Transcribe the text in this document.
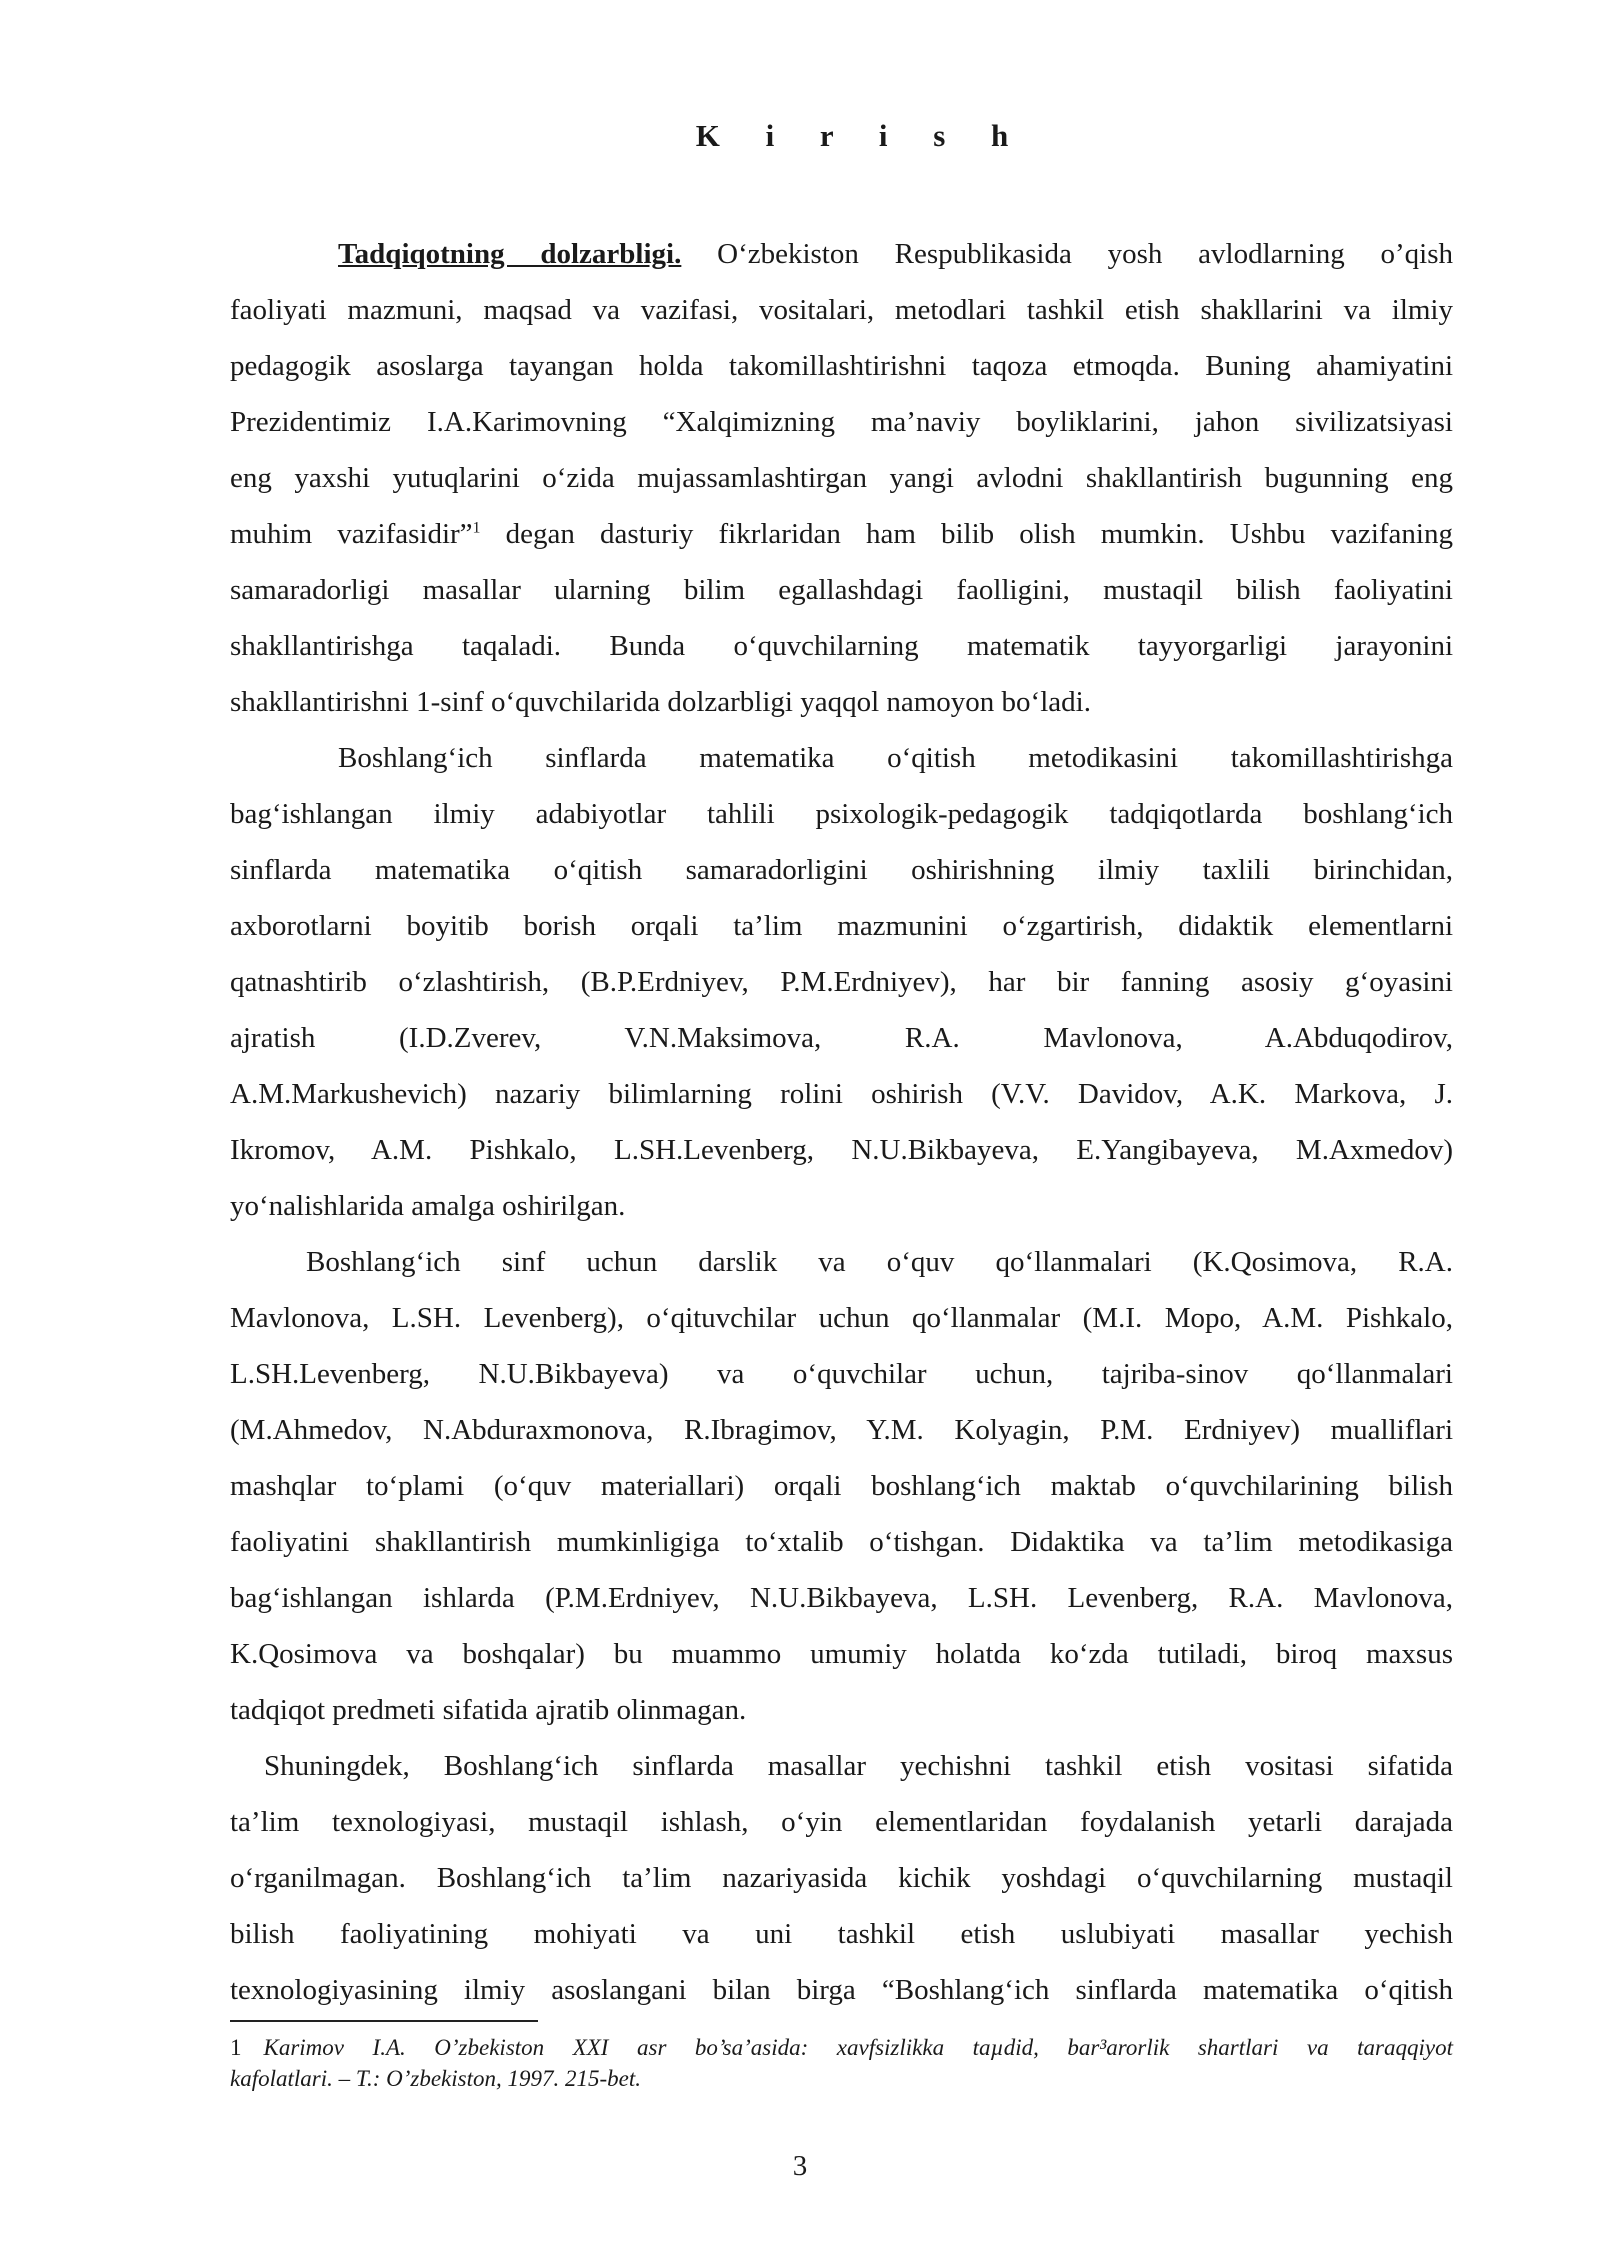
K i r i s h
Tadqiqotning dolzarbligi. O‘zbekiston Respublikasida yosh avlodlarning o’qish
faoliyati mazmuni, maqsad va vazifasi, vositalari, metodlari tashkil etish shakllarini va ilmiy
pedagogik asoslarga tayangan holda takomillashtirishni taqoza etmoqda. Buning ahamiyatini
Prezidentimiz I.A.Karimovning “Xalqimizning ma’naviy boyliklarini, jahon sivilizatsiyasi
eng yaxshi yutuqlarini o‘zida mujassamlashtirgan yangi avlodni shakllantirish bugunning eng
muhim vazifasidir”$^1$ degan dasturiy fikrlaridan ham bilib olish mumkin. Ushbu vazifaning
samaradorligi masallar ularning bilim egallashdagi faolligini, mustaqil bilish faoliyatini
shakllantirishga taqaladi. Bunda o‘quvchilarning matematik tayyorgarligi jarayonini
shakllantirishni 1-sinf o‘quvchilarida dolzarbligi yaqqol namoyon bo‘ladi.
Boshlang‘ich sinflarda matematika o‘qitish metodikasini takomillashtirishga
bag‘ishlangan ilmiy adabiyotlar tahlili psixologik-pedagogik tadqiqotlarda boshlang‘ich
sinflarda matematika o‘qitish samaradorligini oshirishning ilmiy taxlili birinchidan,
axborotlarni boyitib borish orqali ta’lim mazmunini o‘zgartirish, didaktik elementlarni
qatnashtirib o‘zlashtirish, (B.P.Erdniyev, P.M.Erdniyev), har bir fanning asosiy g‘oyasini
ajratish (I.D.Zverev, V.N.Maksimova, R.A. Mavlonova, A.Abduqodirov,
A.M.Markushevich) nazariy bilimlarning rolini oshirish (V.V. Davidov, A.K. Markova, J.
Ikromov, A.M. Pishkalo, L.SH.Levenberg, N.U.Bikbayeva, E.Yangibayeva, M.Axmedov)
yo‘nalishlarida amalga oshirilgan.
Boshlang‘ich sinf uchun darslik va o‘quv qo‘llanmalari (K.Qosimova, R.A.
Mavlonova, L.SH. Levenberg), o‘qituvchilar uchun qo‘llanmalar (M.I. Mopo, A.M. Pishkalo,
L.SH.Levenberg, N.U.Bikbayeva) va o‘quvchilar uchun, tajriba-sinov qo‘llanmalari
(M.Ahmedov, N.Abduraxmonova, R.Ibragimov, Y.M. Kolyagin, P.M. Erdniyev) mualliflari
mashqlar to‘plami (o‘quv materiallari) orqali boshlang‘ich maktab o‘quvchilarining bilish
faoliyatini shakllantirish mumkinligiga to‘xtalib o‘tishgan. Didaktika va ta’lim metodikasiga
bag‘ishlangan ishlarda (P.M.Erdniyev, N.U.Bikbayeva, L.SH. Levenberg, R.A. Mavlonova,
K.Qosimova va boshqalar) bu muammo umumiy holatda ko‘zda tutiladi, biroq maxsus
tadqiqot predmeti sifatida ajratib olinmagan.
Shuningdek, Boshlang‘ich sinflarda masallar yechishni tashkil etish vositasi sifatida
ta’lim texnologiyasi, mustaqil ishlash, o‘yin elementlaridan foydalanish yetarli darajada
o‘rganilmagan. Boshlang‘ich ta’lim nazariyasida kichik yoshdagi o‘quvchilarning mustaqil
bilish faoliyatining mohiyati va uni tashkil etish uslubiyati masallar yechish
texnologiyasining ilmiy asoslangani bilan birga “Boshlang‘ich sinflarda matematika o‘qitish
1 Karimov I.A. O’zbekiston XXI asr bo’sa’asida: xavfsizlikka taµdid, bar³arorlik shartlari va taraqqiyot
kafolatlari. – T.: O’zbekiston, 1997. 215-bet.
3
